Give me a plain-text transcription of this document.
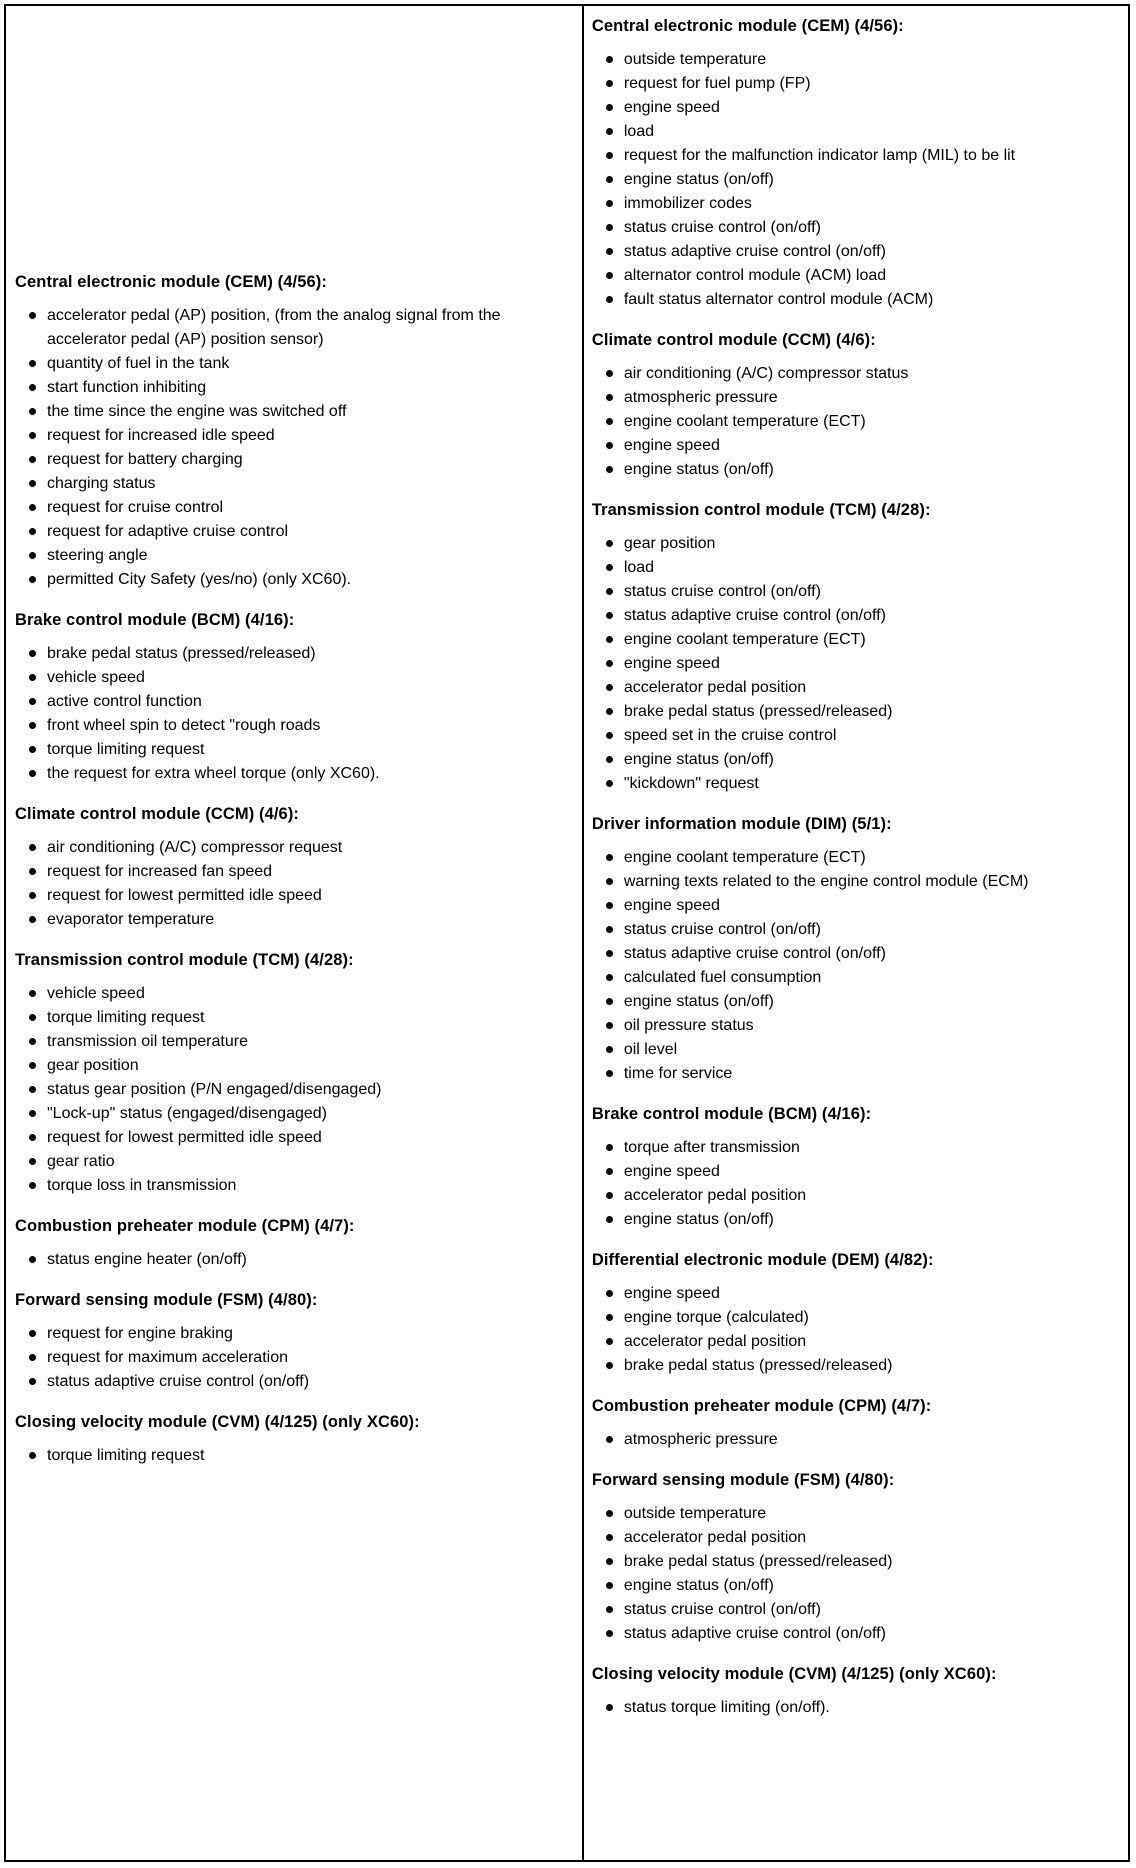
Central electronic module (CEM) (4/56):
accelerator pedal (AP) position, (from the analog signal from the accelerator pedal (AP) position sensor)
quantity of fuel in the tank
start function inhibiting
the time since the engine was switched off
request for increased idle speed
request for battery charging
charging status
request for cruise control
request for adaptive cruise control
steering angle
permitted City Safety (yes/no) (only XC60).
Brake control module (BCM) (4/16):
brake pedal status (pressed/released)
vehicle speed
active control function
front wheel spin to detect "rough roads
torque limiting request
the request for extra wheel torque (only XC60).
Climate control module (CCM) (4/6):
air conditioning (A/C) compressor request
request for increased fan speed
request for lowest permitted idle speed
evaporator temperature
Transmission control module (TCM) (4/28):
vehicle speed
torque limiting request
transmission oil temperature
gear position
status gear position (P/N engaged/disengaged)
"Lock-up" status (engaged/disengaged)
request for lowest permitted idle speed
gear ratio
torque loss in transmission
Combustion preheater module (CPM) (4/7):
status engine heater (on/off)
Forward sensing module (FSM) (4/80):
request for engine braking
request for maximum acceleration
status adaptive cruise control (on/off)
Closing velocity module (CVM) (4/125) (only XC60):
torque limiting request
Central electronic module (CEM) (4/56):
outside temperature
request for fuel pump (FP)
engine speed
load
request for the malfunction indicator lamp (MIL) to be lit
engine status (on/off)
immobilizer codes
status cruise control (on/off)
status adaptive cruise control (on/off)
alternator control module (ACM) load
fault status alternator control module (ACM)
Climate control module (CCM) (4/6):
air conditioning (A/C) compressor status
atmospheric pressure
engine coolant temperature (ECT)
engine speed
engine status (on/off)
Transmission control module (TCM) (4/28):
gear position
load
status cruise control (on/off)
status adaptive cruise control (on/off)
engine coolant temperature (ECT)
engine speed
accelerator pedal position
brake pedal status (pressed/released)
speed set in the cruise control
engine status (on/off)
"kickdown" request
Driver information module (DIM) (5/1):
engine coolant temperature (ECT)
warning texts related to the engine control module (ECM)
engine speed
status cruise control (on/off)
status adaptive cruise control (on/off)
calculated fuel consumption
engine status (on/off)
oil pressure status
oil level
time for service
Brake control module (BCM) (4/16):
torque after transmission
engine speed
accelerator pedal position
engine status (on/off)
Differential electronic module (DEM) (4/82):
engine speed
engine torque (calculated)
accelerator pedal position
brake pedal status (pressed/released)
Combustion preheater module (CPM) (4/7):
atmospheric pressure
Forward sensing module (FSM) (4/80):
outside temperature
accelerator pedal position
brake pedal status (pressed/released)
engine status (on/off)
status cruise control (on/off)
status adaptive cruise control (on/off)
Closing velocity module (CVM) (4/125) (only XC60):
status torque limiting (on/off).
